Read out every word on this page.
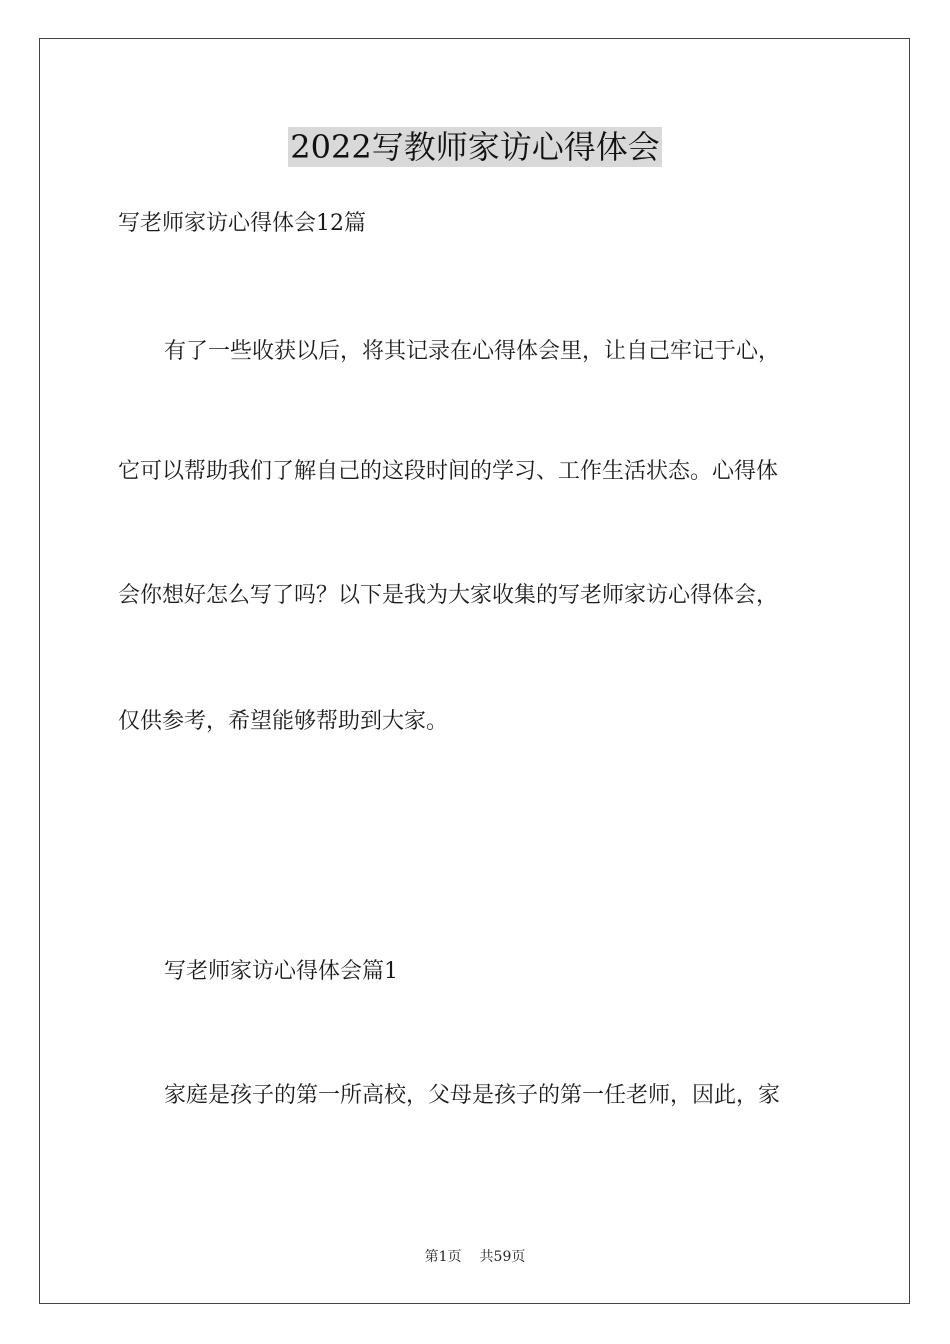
2022写教师家访心得体会
写老师家访心得体会12篇
有了一些收获以后，将其记录在心得体会里，让自己牢记于心，
它可以帮助我们了解自己的这段时间的学习、工作生活状态。心得体
会你想好怎么写了吗？以下是我为大家收集的写老师家访心得体会，
仅供参考，希望能够帮助到大家。
写老师家访心得体会篇1
家庭是孩子的第一所高校，父母是孩子的第一任老师，因此，家
第1页 共59页
